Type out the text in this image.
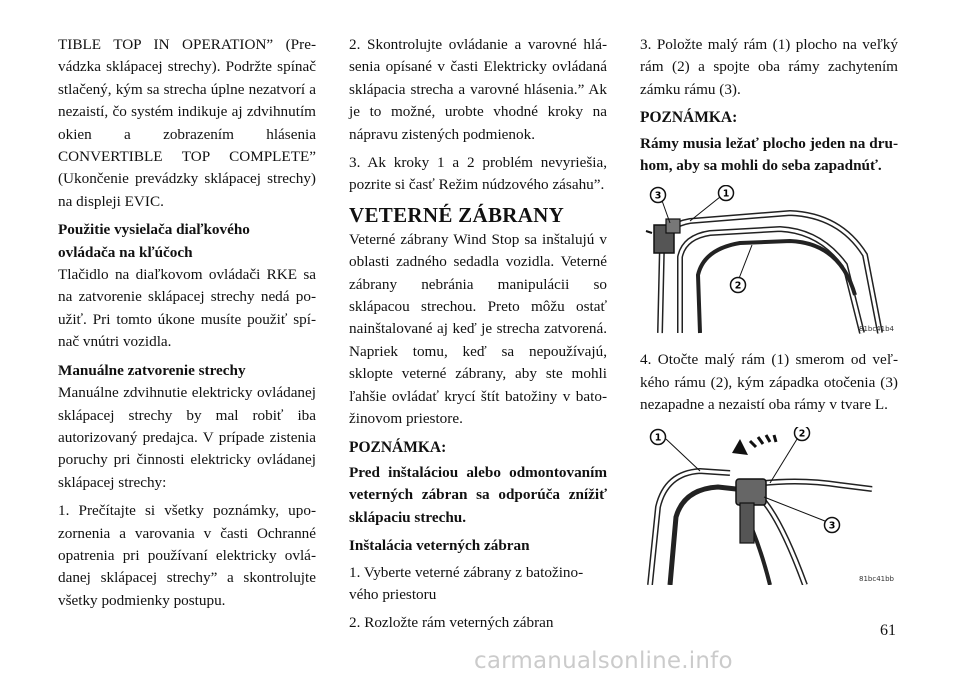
TIBLE TOP IN OPERATION” (Prevádzka sklápacej strechy). Podržte spínač stlačený, kým sa strecha úplne nezatvorí a nezaistí, čo systém indikuje aj zdvihnutím okien a zobrazením hlásenia CONVERTIBLE TOP COMPLETE” (Ukončenie prevádzky sklápacej strechy) na displeji EVIC.

Použitie vysielača diaľkového ovládača na kľúčoch

Tlačidlo na diaľkovom ovládači RKE sa na zatvorenie sklápacej strechy nedá použiť. Pri tomto úkone musíte použiť spínač vnútri vozidla.

Manuálne zatvorenie strechy

Manuálne zdvihnutie elektricky ovládanej sklápacej strechy by mal robiť iba autorizovaný predajca. V prípade zistenia poruchy pri činnosti elektricky ovládanej sklápacej strechy:

1. Prečítajte si všetky poznámky, upozornenia a varovania v časti Ochranné opatrenia pri používaní elektricky ovládanej sklápacej strechy” a skontrolujte všetky podmienky postupu.

2. Skontrolujte ovládanie a varovné hlásenia opísané v časti Elektricky ovládaná sklápacia strecha a varovné hlásenia.” Ak je to možné, urobte vhodné kroky na nápravu zistených podmienok.

3. Ak kroky 1 a 2 problém nevyriešia, pozrite si časť Režim núdzového zásahu”.

VETERNÉ ZÁBRANY

Veterné zábrany Wind Stop sa inštalujú v oblasti zadného sedadla vozidla. Veterné zábrany nebránia manipulácii so sklápacou strechou. Preto môžu ostať nainštalované aj keď je strecha zatvorená. Napriek tomu, keď sa nepoužívajú, sklopte veterné zábrany, aby ste mohli ľahšie ovládať krycí štít batožiny v batožinovom priestore.

POZNÁMKA:

Pred inštaláciou alebo odmontovaním veterných zábran sa odporúča znížiť sklápaciu strechu.

Inštalácia veterných zábran

1. Vyberte veterné zábrany z batožinového priestoru

2. Rozložte rám veterných zábran

3. Položte malý rám (1) plocho na veľký rám (2) a spojte oba rámy zachytením zámku rámu (3).

POZNÁMKA:

Rámy musia ležať plocho jeden na druhom, aby sa mohli do seba zapadnúť.

3	1
2
81bc41b4

4. Otočte malý rám (1) smerom od veľkého rámu (2), kým západka otočenia (3) nezapadne a nezaistí oba rámy v tvare L.

1	2
3
81bc41bb
61
carmanualsonline.info
